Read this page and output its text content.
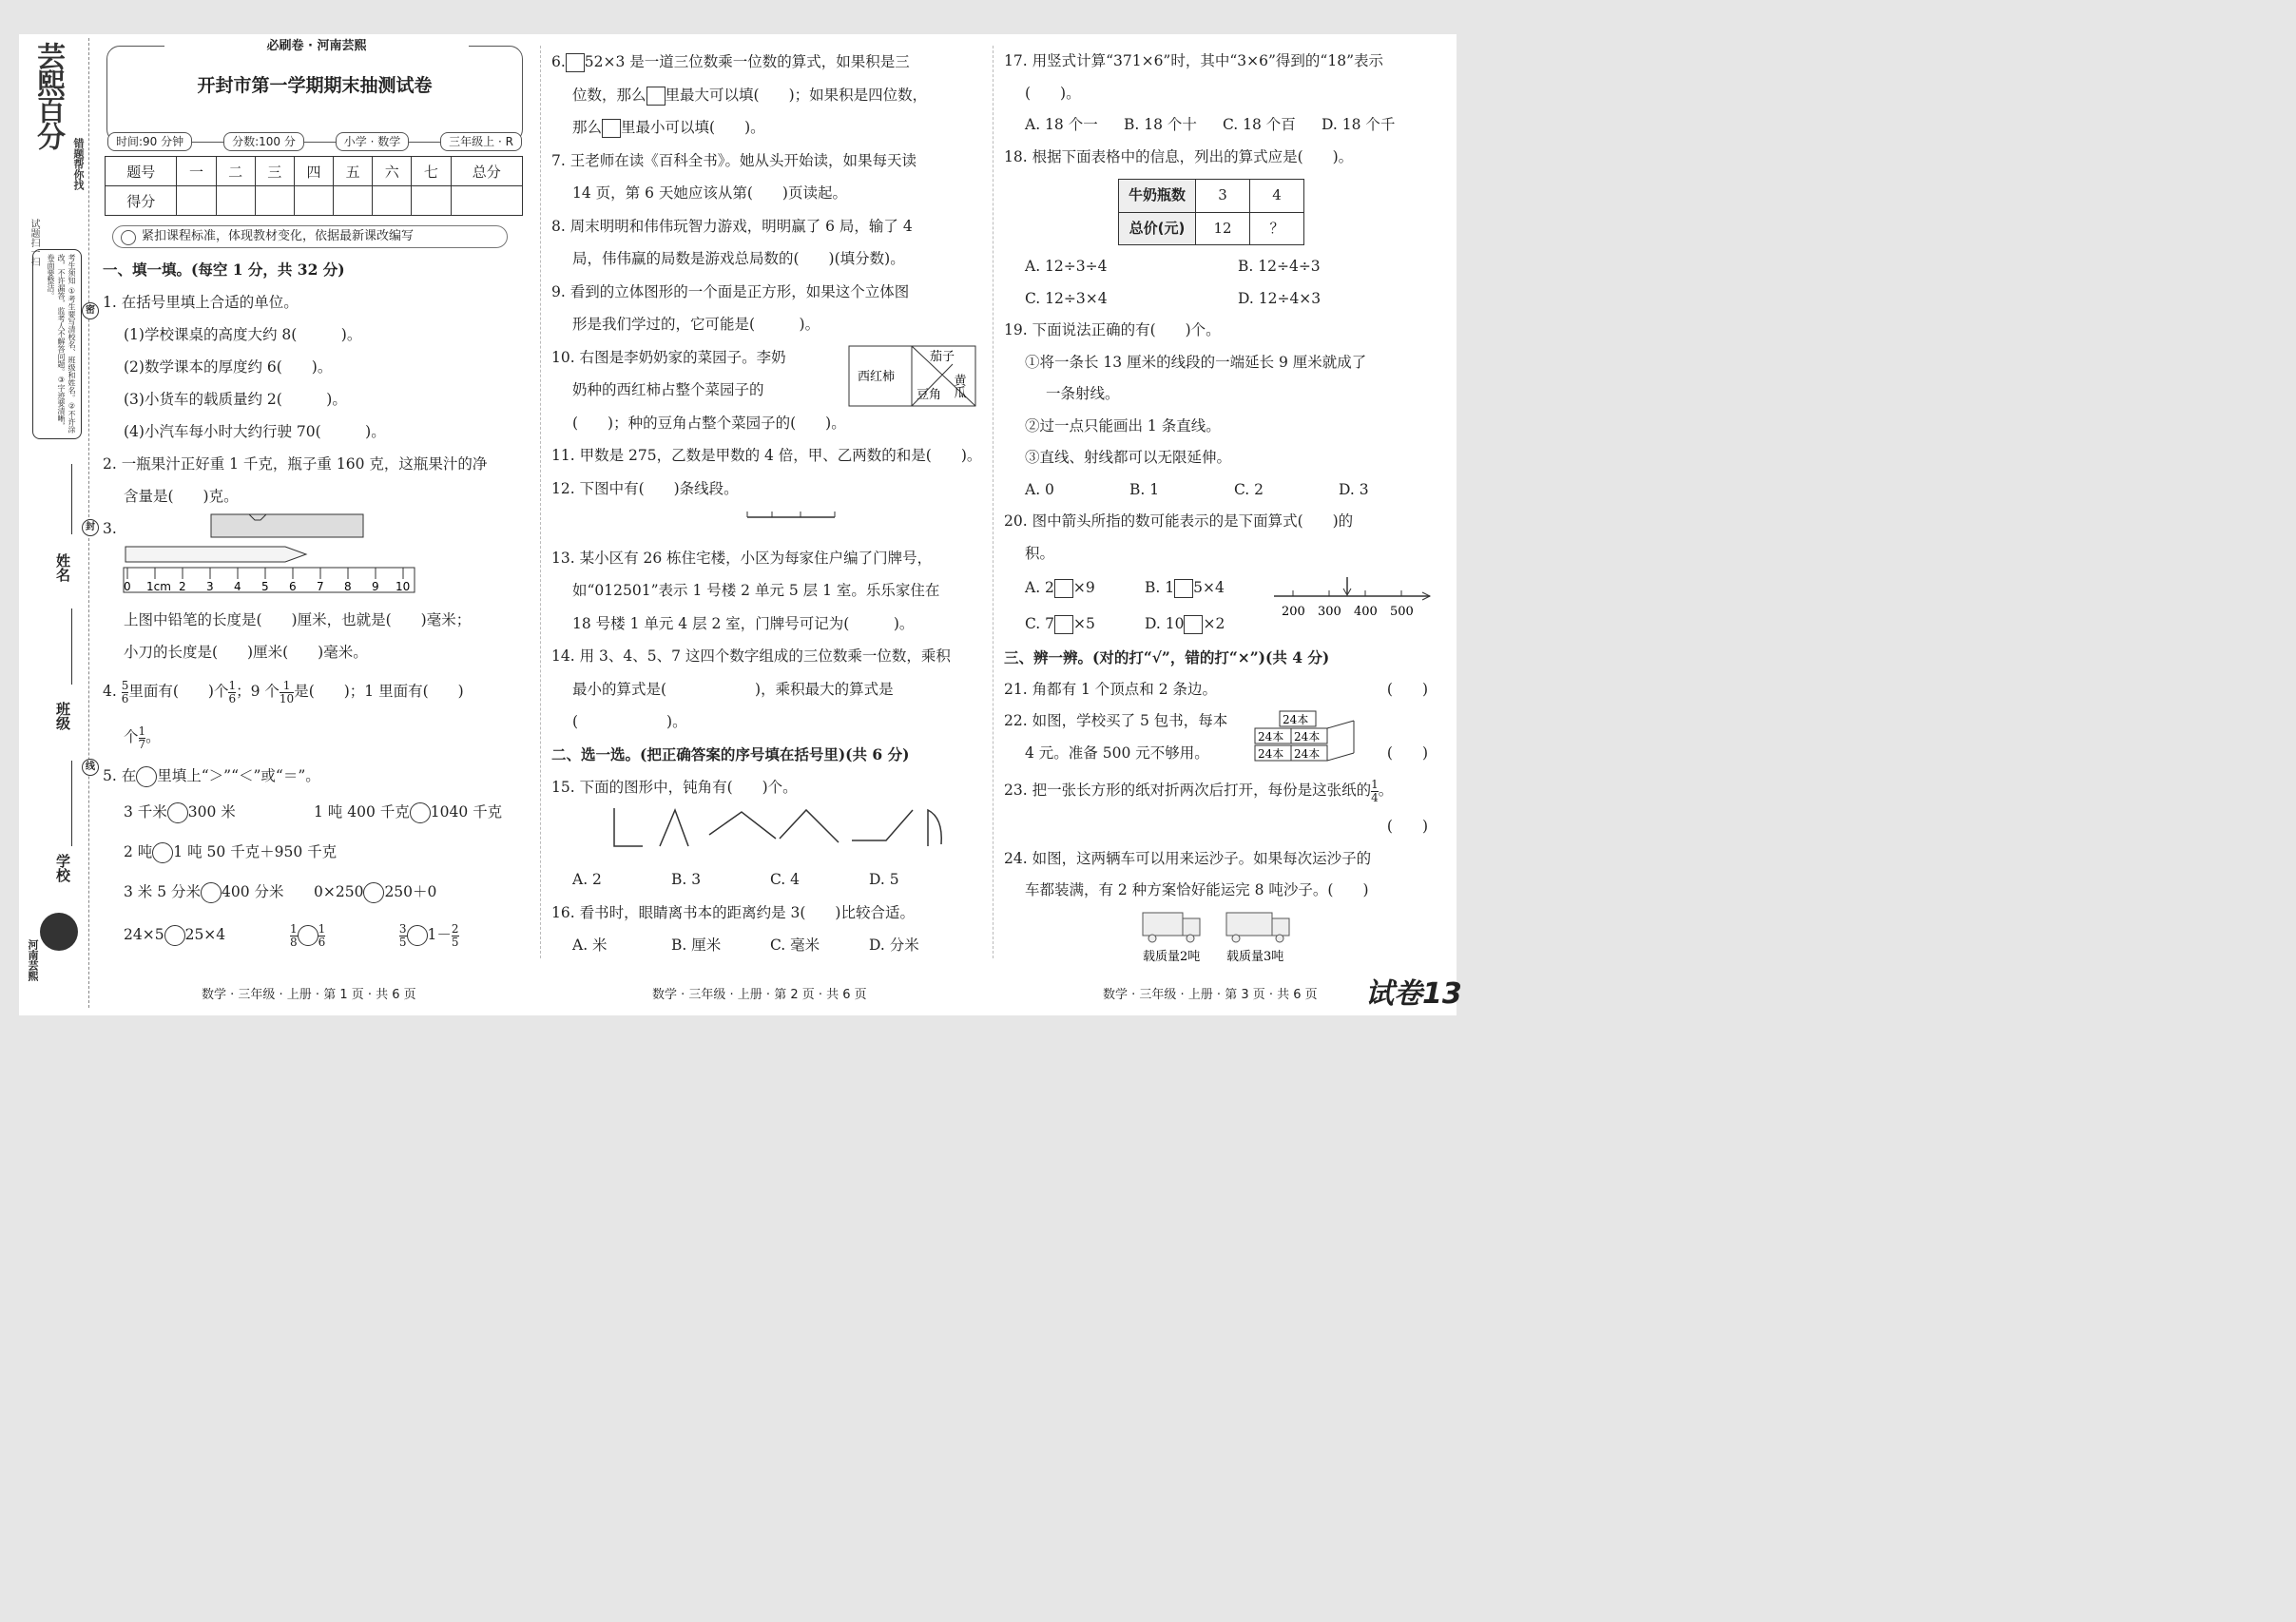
芸熙百分
错题帮你找
试题扫一扫
考生须知 ①考生要写清校名、班级和姓名。②不许涂改，不许漏答，监考人不解答问题。③字迹要清晰，卷面要整洁。
密
封
线
姓名
班级
学校
河南芸熙
必刷卷 · 河南芸熙
开封市第一学期期末抽测试卷
时间:90 分钟	分数:100 分	小学 · 数学	三年级上 · R
题号	一	二	三	四	五	六	七	总分
得分								
紧扣课程标准，体现教材变化，依据最新课改编写
一、填一填。(每空 1 分，共 32 分)
1. 在括号里填上合适的单位。
(1)学校课桌的高度大约 8(　　　)。
(2)数学课本的厚度约 6(　　)。
(3)小货车的载质量约 2(　　　)。
(4)小汽车每小时大约行驶 70(　　　)。
2. 一瓶果汁正好重 1 千克，瓶子重 160 克，这瓶果汁的净
含量是(　　)克。
3.
0 1cm 2 3 4 5 6 7 8 9 10
上图中铅笔的长度是(　　)厘米，也就是(　　)毫米；
小刀的长度是(　　)厘米(　　)毫米。
4. $\frac{5}{6}$ 里面有(　　)个 $\frac{1}{6}$ ；9 个 $\frac{1}{10}$ 是(　　)；1 里面有(　　)
个 $\frac{1}{7}$ 。
5. 在 里填上“＞”“＜”或“＝”。
3 千米 300 米	1 吨 400 千克 1040 千克
2 吨 1 吨 50 千克＋950 千克
3 米 5 分米 400 分米 0×250 250＋0
24×5 25×4	$\frac{1}{8} \frac{1}{6}$
	$\frac{3}{5} 1- \frac{2}{5}$
6. 52×3 是一道三位数乘一位数的算式，如果积是三
位数，那么 里最大可以填(　　)；如果积是四位数，
那么 里最小可以填(　　)。
7. 王老师在读《百科全书》。她从头开始读，如果每天读
14 页，第 6 天她应该从第(　　)页读起。
8. 周末明明和伟伟玩智力游戏，明明赢了 6 局，输了 4
局，伟伟赢的局数是游戏总局数的(　　)(填分数)。
9. 看到的立体图形的一个面是正方形，如果这个立体图
形是我们学过的，它可能是(　　　)。
10. 右图是李奶奶家的菜园子。李奶
奶种的西红柿占整个菜园子的
(　　)；种的豆角占整个菜园子的(　　)。
西红柿
茄子
黄瓜
豆角
11. 甲数是 275，乙数是甲数的 4 倍，甲、乙两数的和是(　　)。
12. 下图中有(　　)条线段。
13. 某小区有 26 栋住宅楼，小区为每家住户编了门牌号，
如“012501”表示 1 号楼 2 单元 5 层 1 室。乐乐家住在
18 号楼 1 单元 4 层 2 室，门牌号可记为(　　　)。
14. 用 3、4、5、7 这四个数字组成的三位数乘一位数，乘积
最小的算式是(　　　　　　)，乘积最大的算式是
(　　　　　　)。
二、选一选。(把正确答案的序号填在括号里)(共 6 分)
15. 下面的图形中，钝角有(　　)个。
A. 2	B. 3	C. 4	D. 5
16. 看书时，眼睛离书本的距离约是 3(　　)比较合适。
A. 米	B. 厘米	C. 毫米	D. 分米
17. 用竖式计算“371×6”时，其中“3×6”得到的“18”表示
(　　)。
A. 18 个一 B. 18 个十 C. 18 个百 D. 18 个千
18. 根据下面表格中的信息，列出的算式应是(　　)。
牛奶瓶数	3	4
总价(元)	12	？
A. 12÷3÷4	B. 12÷4÷3
C. 12÷3×4	D. 12÷4×3
19. 下面说法正确的有(　　)个。
①将一条长 13 厘米的线段的一端延长 9 厘米就成了
一条射线。
②过一点只能画出 1 条直线。
③直线、射线都可以无限延伸。
A. 0	B. 1	C. 2	D. 3
20. 图中箭头所指的数可能表示的是下面算式(　　)的
积。
A. 2 ×9	B. 1 5×4
C. 7 ×5	D. 10 ×2
200 300 400 500
三、辨一辨。(对的打“√”，错的打“×”)(共 4 分)
21. 角都有 1 个顶点和 2 条边。	(　　)
22. 如图，学校买了 5 包书，每本
4 元。准备 500 元不够用。	(　　)
24本
24本 24本
24本 24本
23. 把一张长方形的纸对折两次后打开，每份是这张纸的 $\frac{1}{4}$ 。
(　　)

24. 如图，这两辆车可以用来运沙子。如果每次运沙子的
车都装满，有 2 种方案恰好能运完 8 吨沙子。(　　)
载质量2吨 载质量3吨
数学 · 三年级 · 上册 · 第 1 页 · 共 6 页	数学 · 三年级 · 上册 · 第 2 页 · 共 6 页	数学 · 三年级 · 上册 · 第 3 页 · 共 6 页 试卷13
